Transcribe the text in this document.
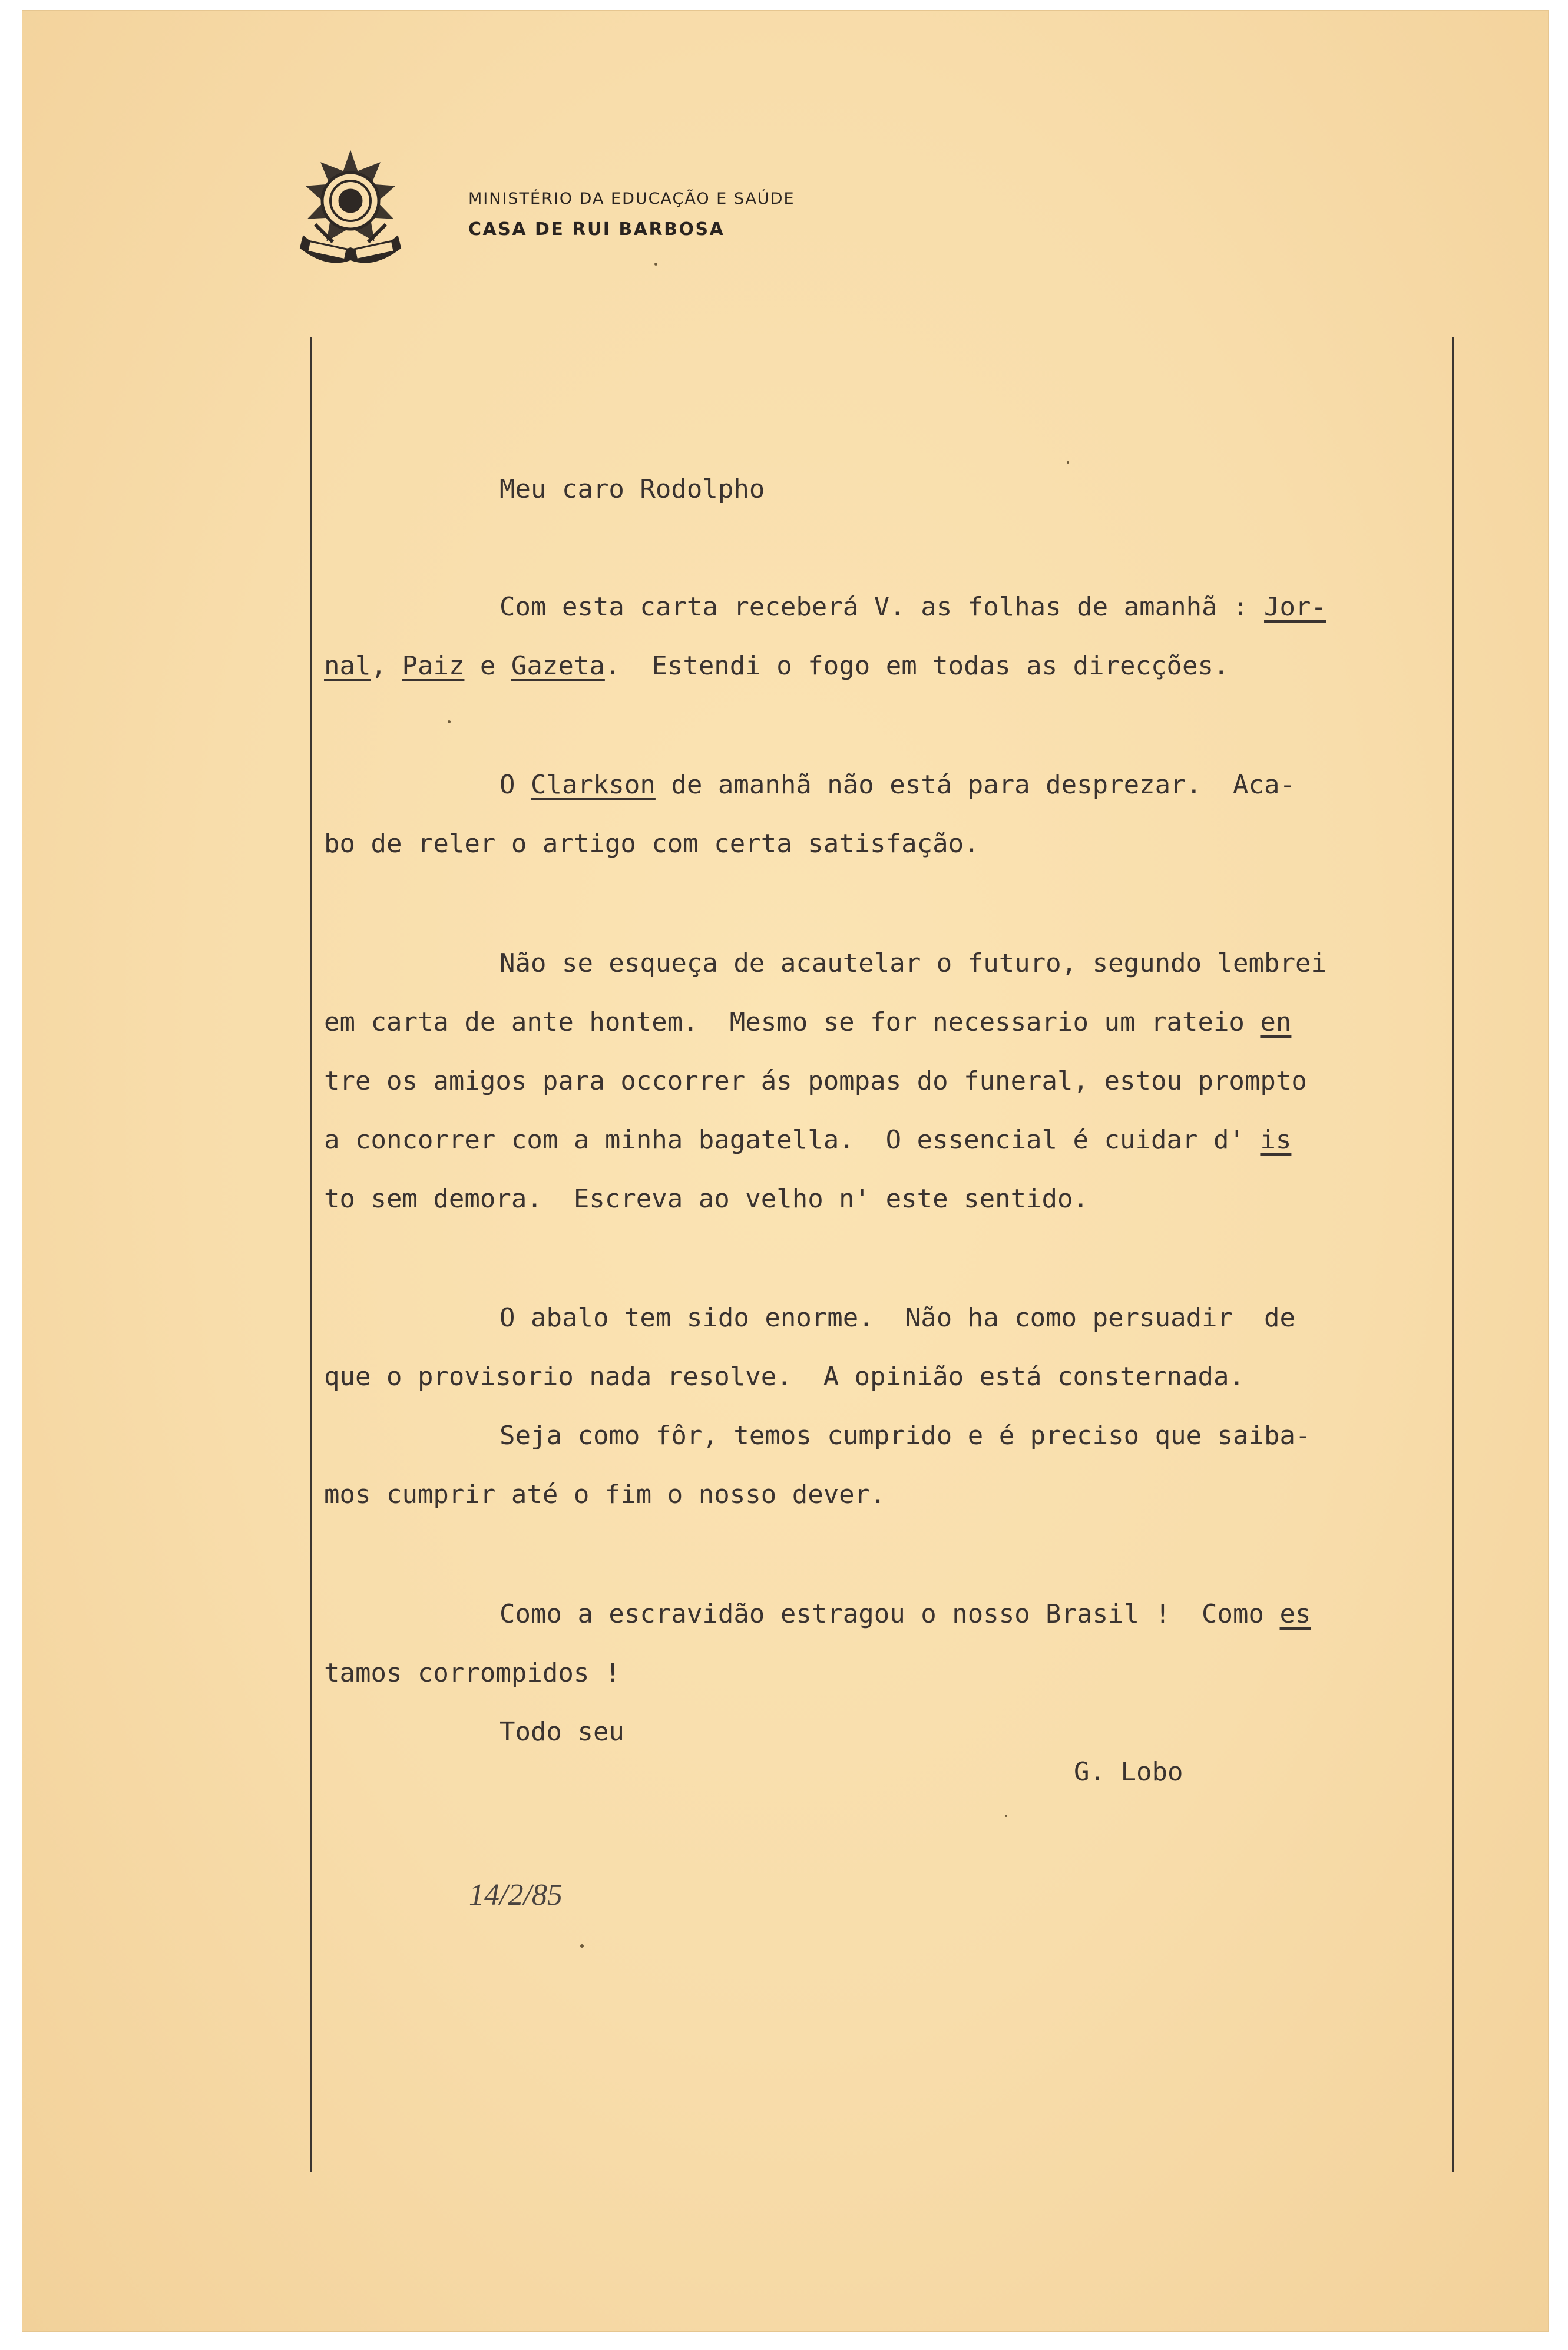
MINISTÉRIO DA EDUCAÇÃO E SAÚDE
CASA DE RUI BARBOSA

Meu caro Rodolpho

Com esta carta receberá V. as folhas de amanhã : Jor-

nal, Paiz e Gazeta.  Estendi o fogo em todas as direcções.

O Clarkson de amanhã não está para desprezar.  Aca-

bo de reler o artigo com certa satisfação.

Não se esqueça de acautelar o futuro, segundo lembrei

em carta de ante hontem.  Mesmo se for necessario um rateio en

tre os amigos para occorrer ás pompas do funeral, estou prompto

a concorrer com a minha bagatella.  O essencial é cuidar d' is

to sem demora.  Escreva ao velho n' este sentido.

O abalo tem sido enorme.  Não ha como persuadir  de

que o provisorio nada resolve.  A opinião está consternada.

Seja como fôr, temos cumprido e é preciso que saiba-

mos cumprir até o fim o nosso dever.

Como a escravidão estragou o nosso Brasil !  Como es

tamos corrompidos !

Todo seu

G. Lobo
14/2/85
